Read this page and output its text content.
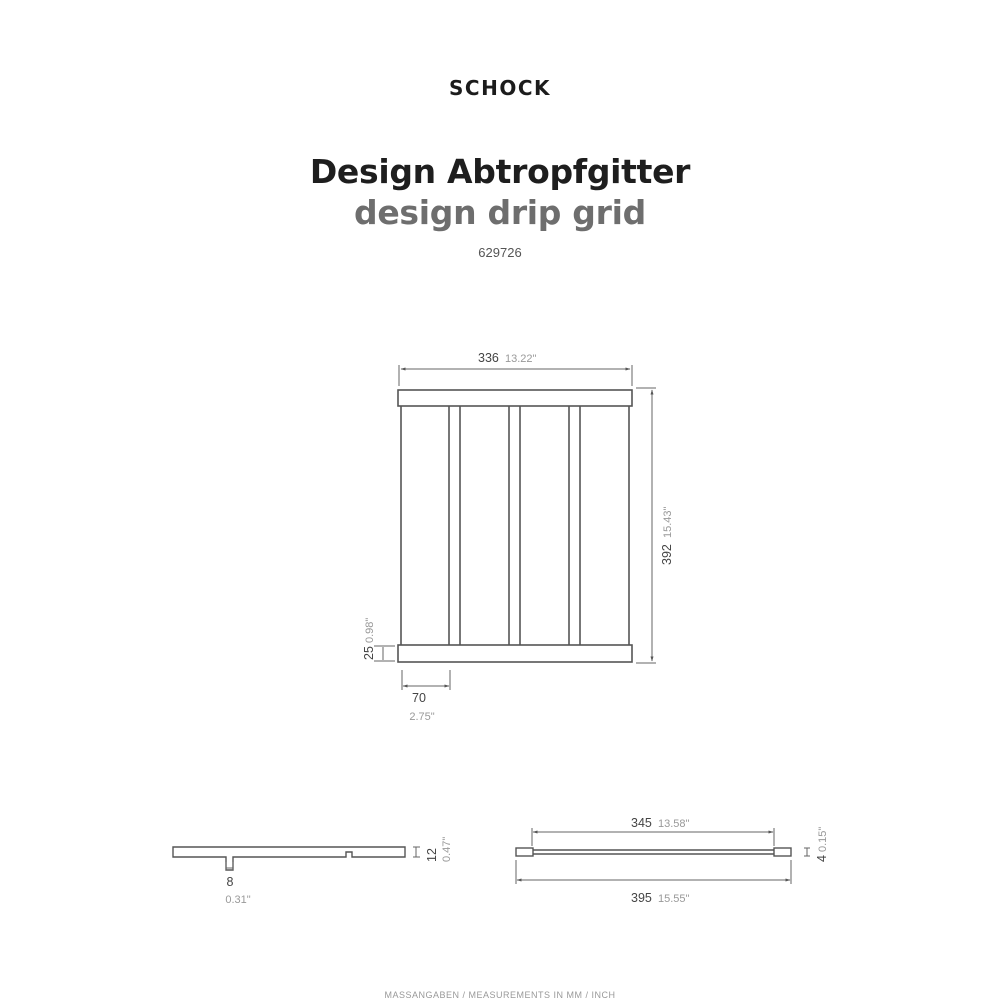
SCHOCK
Design Abtropfgitter
design drip grid
629726
336 13.22"
392
15.43"
25
0.98"
70
2.75"
8
0.31"
12 0.47"
345 13.58"
395 15.55"
4
0.15"
MASSANGABEN / MEASUREMENTS IN MM / INCH
